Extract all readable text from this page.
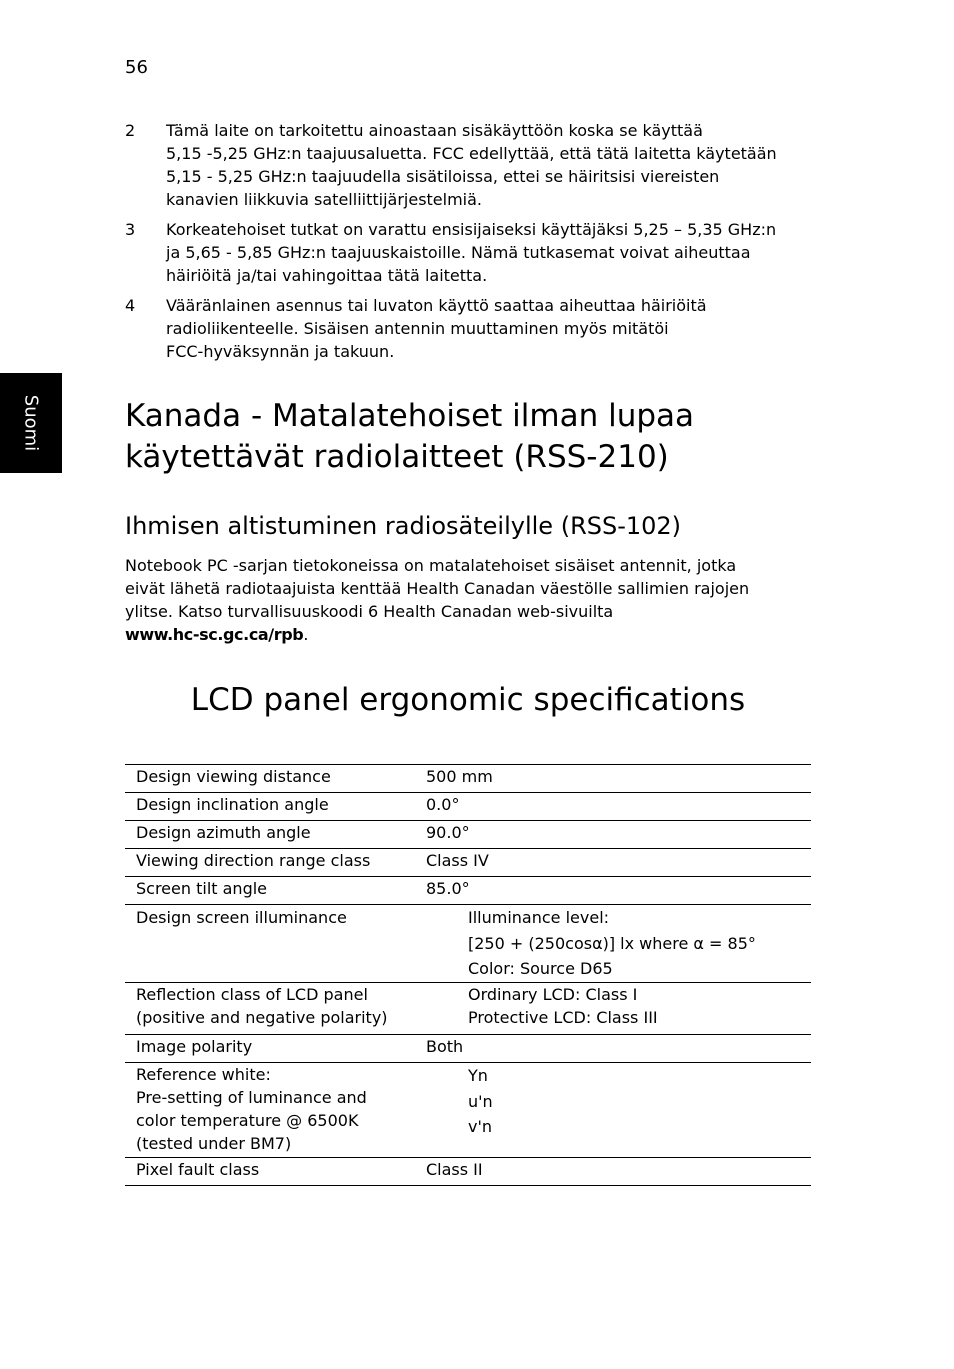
56
Suomi
2	Tämä laite on tarkoitettu ainoastaan sisäkäyttöön koska se käyttää
5,15 -5,25 GHz:n taajuusaluetta. FCC edellyttää, että tätä laitetta käytetään
5,15 - 5,25 GHz:n taajuudella sisätiloissa, ettei se häiritsisi viereisten
kanavien liikkuvia satelliittijärjestelmiä.
3	Korkeatehoiset tutkat on varattu ensisijaiseksi käyttäjäksi 5,25 – 5,35 GHz:n
ja 5,65 - 5,85 GHz:n taajuuskaistoille. Nämä tutkasemat voivat aiheuttaa
häiriöitä ja/tai vahingoittaa tätä laitetta.
4	Vääränlainen asennus tai luvaton käyttö saattaa aiheuttaa häiriöitä
radioliikenteelle. Sisäisen antennin muuttaminen myös mitätöi
FCC-hyväksynnän ja takuun.
Kanada - Matalatehoiset ilman lupaa
käytettävät radiolaitteet (RSS-210)
Ihmisen altistuminen radiosäteilylle (RSS-102)

Notebook PC -sarjan tietokoneissa on matalatehoiset sisäiset antennit, jotka
eivät lähetä radiotaajuista kenttää Health Canadan väestölle sallimien rajojen
ylitse. Katso turvallisuuskoodi 6 Health Canadan web-sivuilta
www.hc-sc.gc.ca/rpb.

LCD panel ergonomic specifications
Design viewing distance	500 mm

Design inclination angle	0.0°

Design azimuth angle	90.0°

Viewing direction range class	Class IV

Screen tilt angle	85.0°

Design screen illuminance	Illuminance level:
[250 + (250cosα)] lx where α = 85°
Color: Source D65

Reflection class of LCD panel
(positive and negative polarity)	Ordinary LCD: Class I
Protective LCD: Class III

Image polarity	Both

Reference white:
Pre-setting of luminance and
color temperature @ 6500K
(tested under BM7)	Yn
u'n
v'n

Pixel fault class	Class II
